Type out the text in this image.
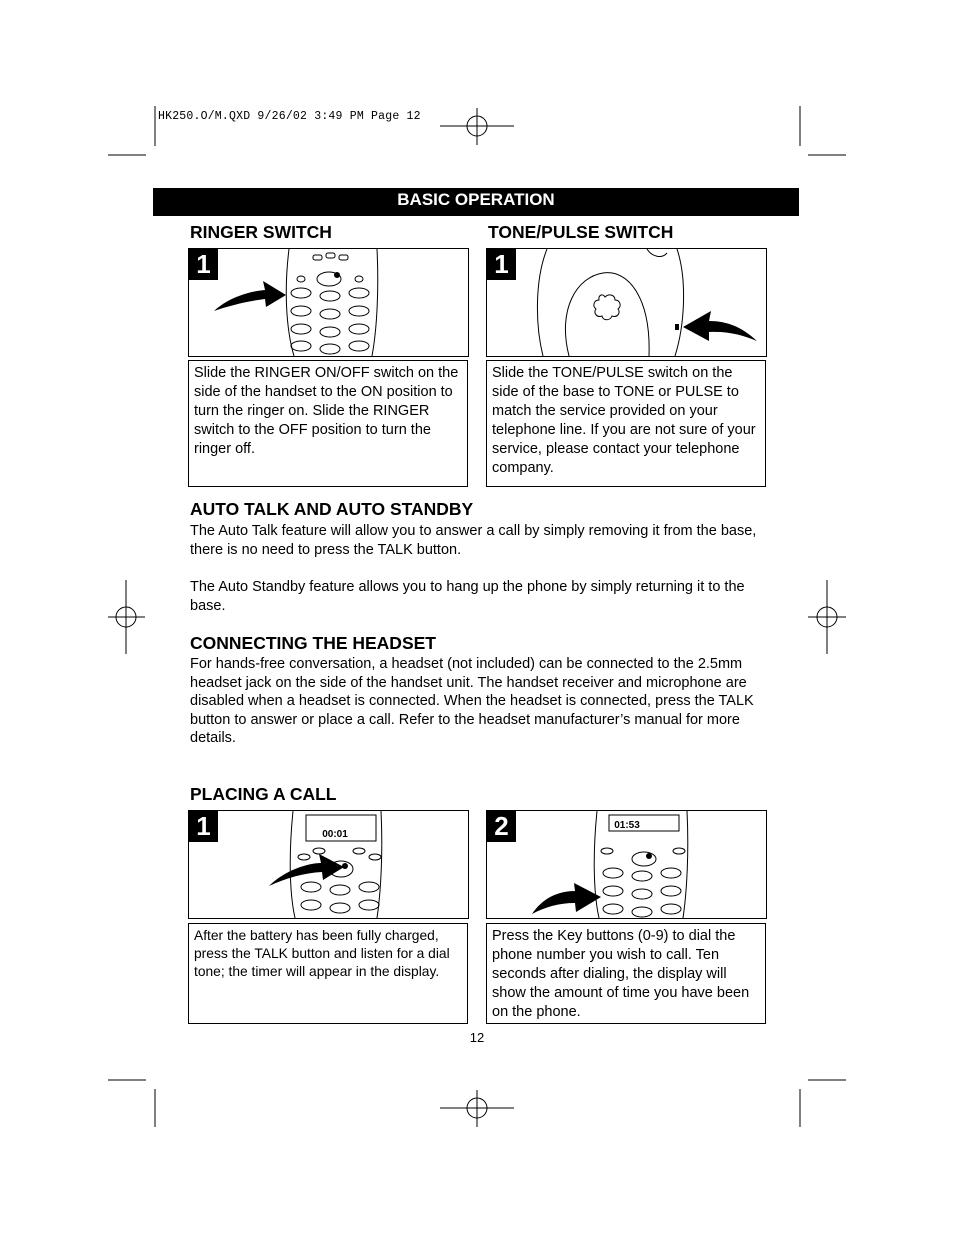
HK250.O/M.QXD 9/26/02 3:49 PM Page 12
BASIC OPERATION
RINGER SWITCH
1
Slide the RINGER ON/OFF switch on the side of the handset to the ON position to turn the ringer on. Slide the RINGER switch to the OFF position to turn the ringer off.
TONE/PULSE SWITCH
1
Slide the TONE/PULSE switch on the side of the base to TONE or PULSE to match the service provided on your telephone line. If you are not sure of your service, please contact your telephone company.
AUTO TALK AND AUTO STANDBY

The Auto Talk feature will allow you to answer a call by simply removing it from the base, there is no need to press the TALK button.

The Auto Standby feature allows you to hang up the phone by simply returning it to the base.

CONNECTING THE HEADSET

For hands-free conversation, a headset (not included) can be connected to the 2.5mm headset jack on the side of the handset unit. The handset receiver and microphone are disabled when a headset is connected. When the headset is connected, press the TALK button to answer or place a call. Refer to the headset manufacturer’s manual for more details.

PLACING A CALL
00:01
1
After the battery has been fully charged, press the TALK button and listen for a dial tone; the timer will appear in the display.
01:53
2
Press the Key buttons (0-9) to dial the phone number you wish to call. Ten seconds after dialing, the display will show the amount of time you have been on the phone.
12
